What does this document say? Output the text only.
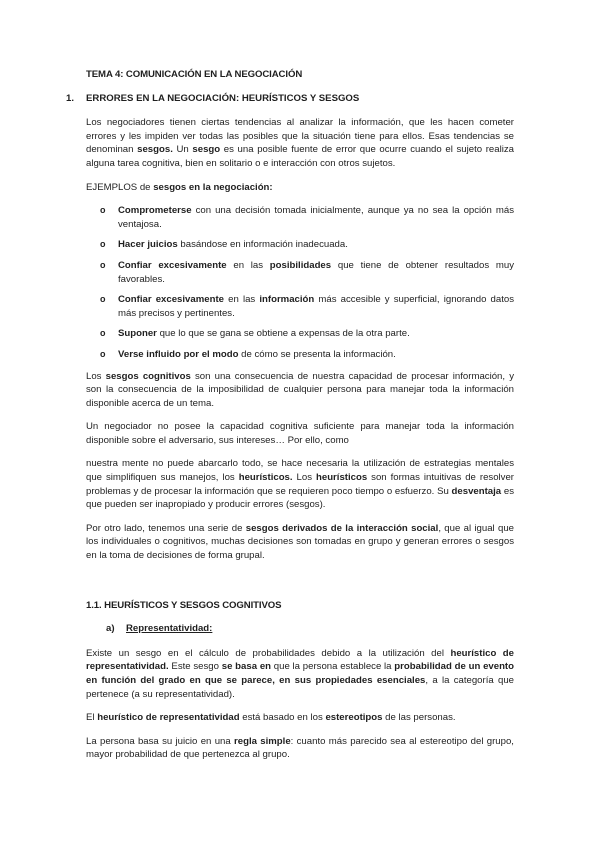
TEMA 4: COMUNICACIÓN EN LA NEGOCIACIÓN
1.	ERRORES EN LA NEGOCIACIÓN: HEURÍSTICOS Y SESGOS

Los negociadores tienen ciertas tendencias al analizar la información, que les hacen cometer errores y les impiden ver todas las posibles que la situación tiene para ellos. Esas tendencias se denominan sesgos. Un sesgo es una posible fuente de error que ocurre cuando el sujeto realiza alguna tarea cognitiva, bien en solitario o e interacción con otros sujetos.

EJEMPLOS de sesgos en la negociación:
o Comprometerse con una decisión tomada inicialmente, aunque ya no sea la opción más ventajosa.
o Hacer juicios basándose en información inadecuada.
o Confiar excesivamente en las posibilidades que tiene de obtener resultados muy favorables.
o Confiar excesivamente en las información más accesible y superficial, ignorando datos más precisos y pertinentes.
o Suponer que lo que se gana se obtiene a expensas de la otra parte.
o Verse influido por el modo de cómo se presenta la información.

Los sesgos cognitivos son una consecuencia de nuestra capacidad de procesar información, y son la consecuencia de la imposibilidad de cualquier persona para manejar toda la información disponible acerca de un tema.

Un negociador no posee la capacidad cognitiva suficiente para manejar toda la información disponible sobre el adversario, sus intereses… Por ello, como

nuestra mente no puede abarcarlo todo, se hace necesaria la utilización de estrategias mentales que simplifiquen sus manejos, los heurísticos. Los heurísticos son formas intuitivas de resolver problemas y de procesar la información que se requieren poco tiempo o esfuerzo. Su desventaja es que pueden ser inapropiado y producir errores (sesgos).

Por otro lado, tenemos una serie de sesgos derivados de la interacción social, que al igual que los individuales o cognitivos, muchas decisiones son tomadas en grupo y generan errores o sesgos en la toma de decisiones de forma grupal.

1.1. HEURÍSTICOS Y SESGOS COGNITIVOS
a)	Representatividad:

Existe un sesgo en el cálculo de probabilidades debido a la utilización del heurístico de representatividad. Este sesgo se basa en que la persona establece la probabilidad de un evento en función del grado en que se parece, en sus propiedades esenciales, a la categoría que pertenece (a su representatividad).

El heurístico de representatividad está basado en los estereotipos de las personas.

La persona basa su juicio en una regla simple: cuanto más parecido sea al estereotipo del grupo, mayor probabilidad de que pertenezca al grupo.
